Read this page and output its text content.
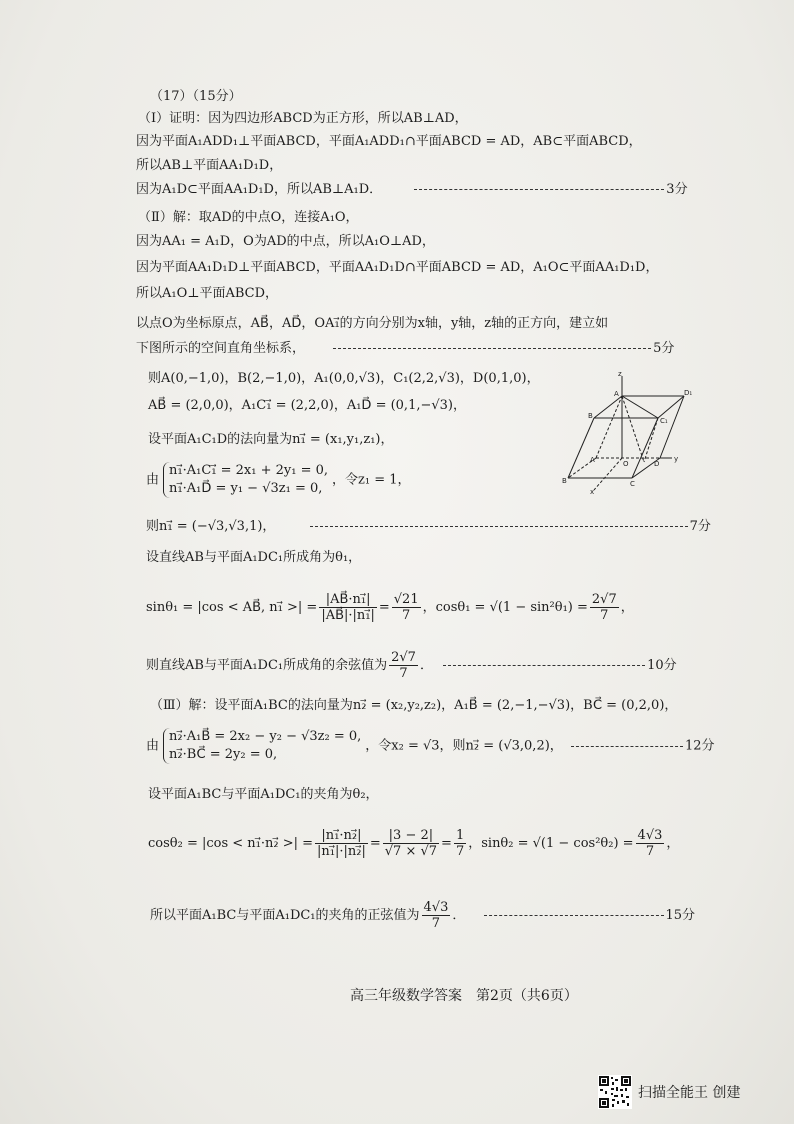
（17）（15分）
（Ⅰ）证明：因为四边形ABCD为正方形，所以AB⊥AD，
因为平面A₁ADD₁⊥平面ABCD，平面A₁ADD₁∩平面ABCD = AD，AB⊂平面ABCD，
所以AB⊥平面AA₁D₁D，
因为A₁D⊂平面AA₁D₁D，所以AB⊥A₁D．	3分
（Ⅱ）解：取AD的中点O，连接A₁O，
因为AA₁ = A₁D，O为AD的中点，所以A₁O⊥AD，
因为平面AA₁D₁D⊥平面ABCD，平面AA₁D₁D∩平面ABCD = AD，A₁O⊂平面AA₁D₁D，
所以A₁O⊥平面ABCD，
以点O为坐标原点，AB⃗，AD⃗，OA₁⃗的方向分别为x轴，y轴，z轴的正方向，建立如
下图所示的空间直角坐标系，	5分
则A(0,−1,0)，B(2,−1,0)，A₁(0,0,√3)，C₁(2,2,√3)，D(0,1,0)，
AB⃗ = (2,0,0)，A₁C₁⃗ = (2,2,0)，A₁D⃗ = (0,1,−√3)，
设平面A₁C₁D的法向量为n₁⃗ = (x₁,y₁,z₁)，
由
n₁⃗·A₁C₁⃗ = 2x₁ + 2y₁ = 0,
n₁⃗·A₁D⃗ = y₁ − √3z₁ = 0,
，令z₁ = 1，
则n₁⃗ = (−√3,√3,1)，	7分
设直线AB与平面A₁DC₁所成角为θ₁，
sinθ₁ = |cos < AB⃗, n₁⃗ >| = $\frac{\text{|AB⃗·n₁⃗|}}{\text{|AB⃗|·|n₁⃗|}} = \frac{√21}{7}$ ，$\cos\theta_1 = √(1 - \sin^2\theta_1) = \frac{2√7}{7}$ ，
则直线AB与平面A₁DC₁所成角的余弦值为 $\frac{2√7}{7}$ ．	10分
（Ⅲ）解：设平面A₁BC的法向量为n₂⃗ = (x₂,y₂,z₂)，A₁B⃗ = (2,−1,−√3)，BC⃗ = (0,2,0)，
由
n₂⃗·A₁B⃗ = 2x₂ − y₂ − √3z₂ = 0,
n₂⃗·BC⃗ = 2y₂ = 0,
，令x₂ = √3，则n₂⃗ = (√3,0,2)，	12分
设平面A₁BC与平面A₁DC₁的夹角为θ₂，
cosθ₂ = |cos < n₁⃗·n₂⃗ >| = $\frac{\text{|n₁⃗·n₂⃗|}}{\text{|n₁⃗|·|n₂⃗|}} = \frac{|3 - 2|}{√7 \times √7} = \frac{1}{7}$ ，$\sin\theta_2 = √(1 - \cos^2\theta_2) = \frac{4√3}{7}$ ，
所以平面A₁BC与平面A₁DC₁的夹角的正弦值为 $\frac{4√3}{7}$ ．	15分
z
A	D₁
B
C₁
A	O	D
y
B	C
x
高三年级数学答案　第2页（共6页）
扫描全能王 创建
